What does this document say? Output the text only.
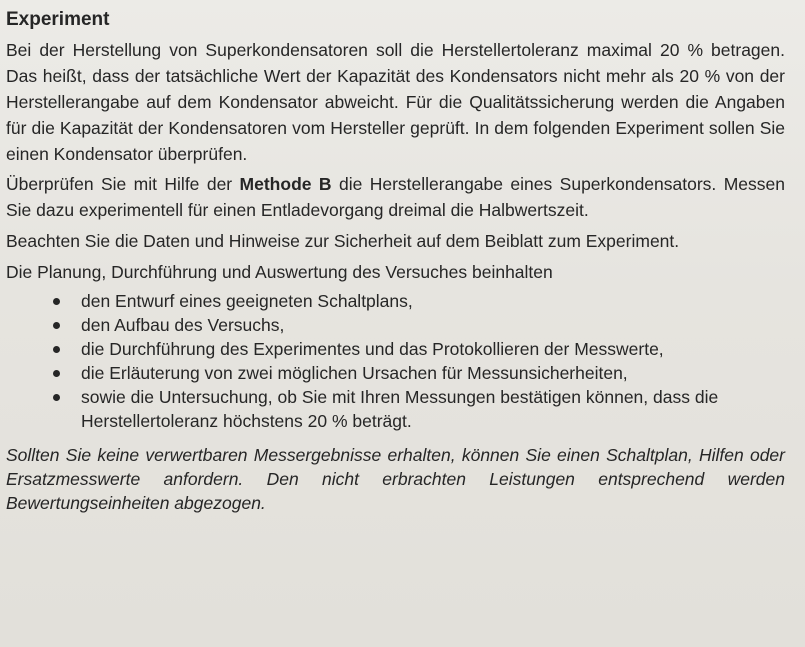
Experiment

Bei der Herstellung von Superkondensatoren soll die Herstellertoleranz maximal 20 % betragen. Das heißt, dass der tatsächliche Wert der Kapazität des Kondensators nicht mehr als 20 % von der Herstellerangabe auf dem Kondensator abweicht. Für die Qualitätssicherung werden die Angaben für die Kapazität der Kondensatoren vom Hersteller geprüft. In dem folgenden Experiment sollen Sie einen Kondensator überprüfen.

Überprüfen Sie mit Hilfe der Methode B die Herstellerangabe eines Superkondensators. Messen Sie dazu experimentell für einen Entladevorgang dreimal die Halbwertszeit.

Beachten Sie die Daten und Hinweise zur Sicherheit auf dem Beiblatt zum Experiment.

Die Planung, Durchführung und Auswertung des Versuches beinhalten

den Entwurf eines geeigneten Schaltplans,
den Aufbau des Versuchs,
die Durchführung des Experimentes und das Protokollieren der Messwerte,
die Erläuterung von zwei möglichen Ursachen für Messunsicherheiten,
sowie die Untersuchung, ob Sie mit Ihren Messungen bestätigen können, dass die Herstellertoleranz höchstens 20 % beträgt.

Sollten Sie keine verwertbaren Messergebnisse erhalten, können Sie einen Schaltplan, Hilfen oder Ersatzmesswerte anfordern. Den nicht erbrachten Leistungen entsprechend werden Bewertungseinheiten abgezogen.
